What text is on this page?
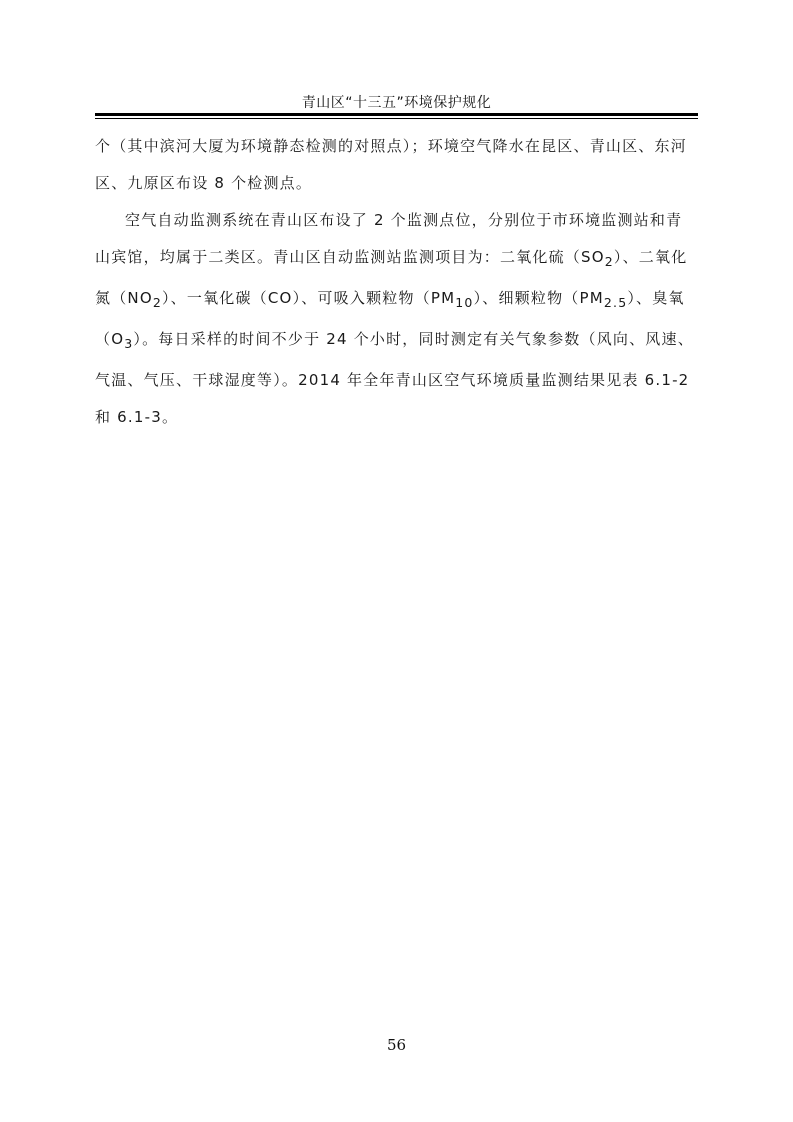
青山区“十三五”环境保护规化

个（其中滨河大厦为环境静态检测的对照点）；环境空气降水在昆区、青山区、东河区、九原区布设 8 个检测点。

空气自动监测系统在青山区布设了 2 个监测点位，分别位于市环境监测站和青山宾馆，均属于二类区。青山区自动监测站监测项目为：二氧化硫$(SO_2)$、二氧化氮$(NO_2)$、一氧化碳（CO）、可吸入颗粒物$(PM_{10})$、细颗粒物$(PM_{2.5})$、臭氧$(O_3)$。每日采样的时间不少于 24 个小时，同时测定有关气象参数（风向、风速、气温、气压、干球湿度等）。2014 年全年青山区空气环境质量监测结果见表 6.1-2 和 6.1-3。

56
